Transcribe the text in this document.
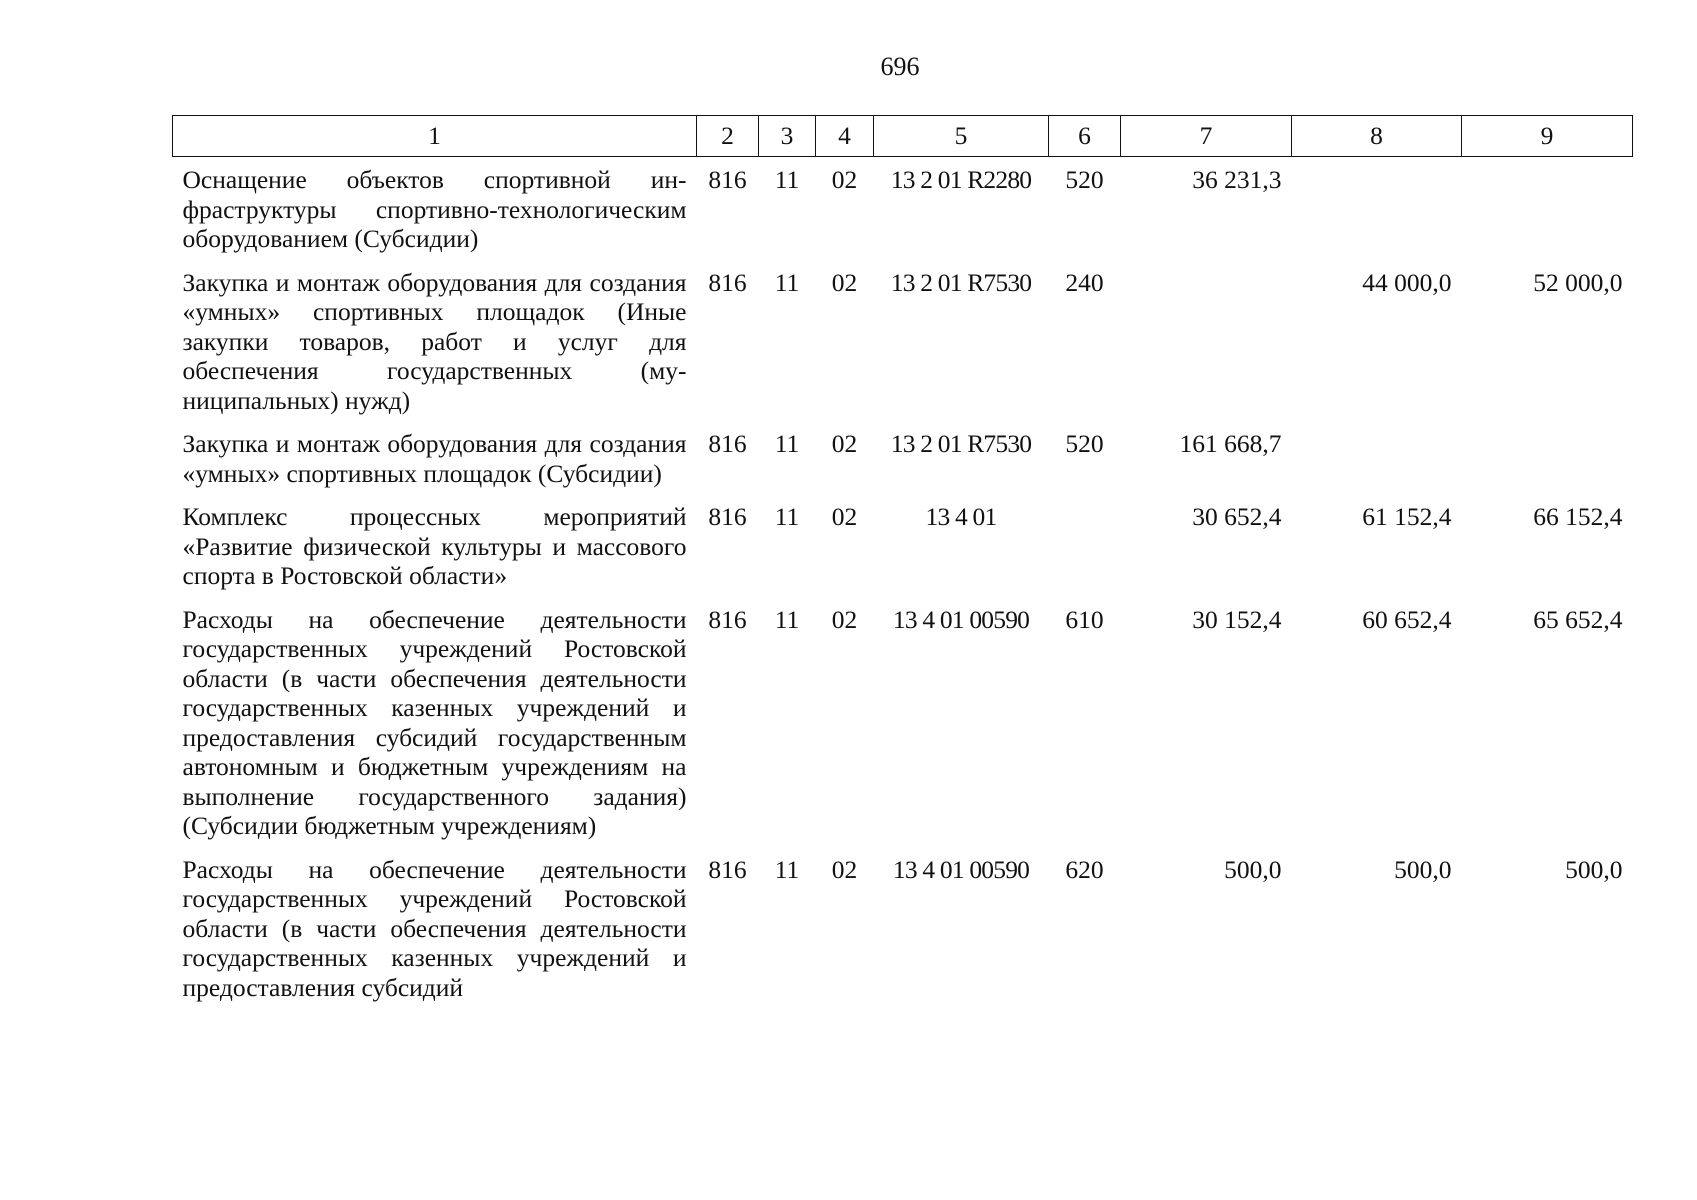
696
1	2	3	4	5	6	7	8	9
Оснащение объектов спортивной инфраструктуры спортивно-технологическим оборудованием (Субсидии)	816	11	02	13 2 01 R2280	520	36 231,3		
Закупка и монтаж оборудования для создания «умных» спортивных площадок (Иные закупки товаров, работ и услуг для обеспечения государственных (муниципальных) нужд)	816	11	02	13 2 01 R7530	240		44 000,0	52 000,0
Закупка и монтаж оборудования для создания «умных» спортивных площадок (Субсидии)	816	11	02	13 2 01 R7530	520	161 668,7		
Комплекс процессных мероприятий «Развитие физической культуры и массового спорта в Ростовской области»	816	11	02	13 4 01		30 652,4	61 152,4	66 152,4
Расходы на обеспечение деятельности государственных учреждений Ростовской области (в части обеспечения деятельности государственных казенных учреждений и предоставления субсидий государственным автономным и бюджетным учреждениям на выполнение государственного задания) (Субсидии бюджетным учреждениям)	816	11	02	13 4 01 00590	610	30 152,4	60 652,4	65 652,4
Расходы на обеспечение деятельности государственных учреждений Ростовской области (в части обеспечения деятельности государственных казенных учреждений и предоставления субсидий	816	11	02	13 4 01 00590	620	500,0	500,0	500,0
